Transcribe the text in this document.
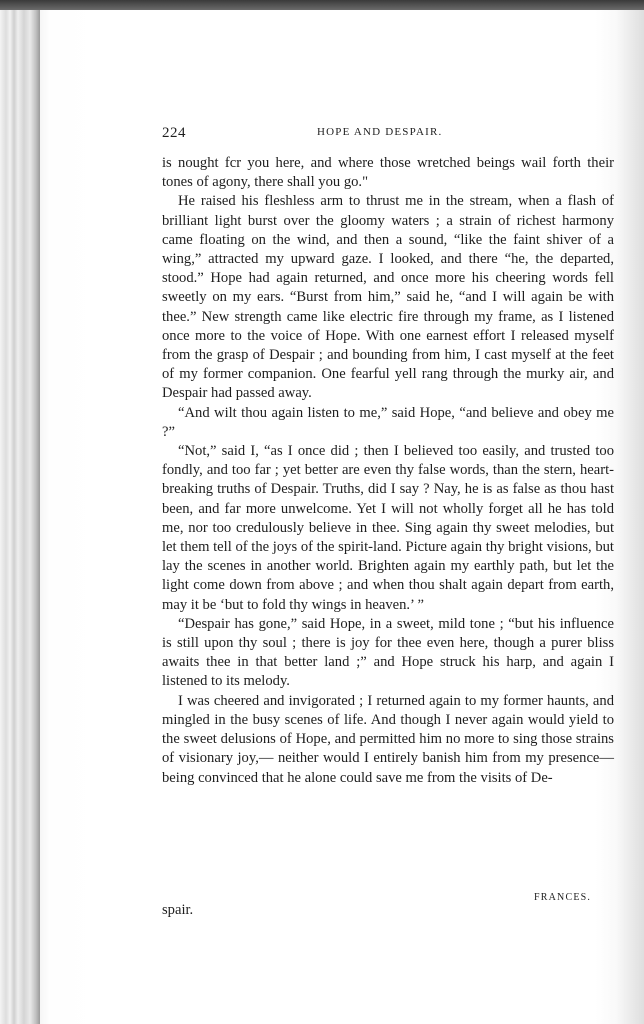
224	HOPE AND DESPAIR.

is nought fcr you here, and where those wretched beings wail forth their tones of agony, there shall you go."

He raised his fleshless arm to thrust me in the stream, when a flash of brilliant light burst over the gloomy waters ; a strain of richest harmony came floating on the wind, and then a sound, “like the faint shiver of a wing,” attracted my upward gaze. I looked, and there “he, the departed, stood.” Hope had again returned, and once more his cheering words fell sweetly on my ears. “Burst from him,” said he, “and I will again be with thee.” New strength came like electric fire through my frame, as I listened once more to the voice of Hope. With one earnest effort I released myself from the grasp of Despair ; and bounding from him, I cast myself at the feet of my former companion. One fearful yell rang through the murky air, and Despair had passed away.

“And wilt thou again listen to me,” said Hope, “and believe and obey me ?”

“Not,” said I, “as I once did ; then I believed too easily, and trusted too fondly, and too far ; yet better are even thy false words, than the stern, heart-breaking truths of Despair. Truths, did I say ? Nay, he is as false as thou hast been, and far more unwelcome. Yet I will not wholly forget all he has told me, nor too credulously believe in thee. Sing again thy sweet melodies, but let them tell of the joys of the spirit-land. Picture again thy bright visions, but lay the scenes in another world. Brighten again my earthly path, but let the light come down from above ; and when thou shalt again depart from earth, may it be ‘but to fold thy wings in heaven.’ ”

“Despair has gone,” said Hope, in a sweet, mild tone ; “but his influence is still upon thy soul ; there is joy for thee even here, though a purer bliss awaits thee in that better land ;” and Hope struck his harp, and again I listened to its melody.

I was cheered and invigorated ; I returned again to my former haunts, and mingled in the busy scenes of life. And though I never again would yield to the sweet delusions of Hope, and permitted him no more to sing those strains of visionary joy,— neither would I entirely banish him from my presence—being convinced that he alone could save me from the visits of De-

spair.
FRANCES.
